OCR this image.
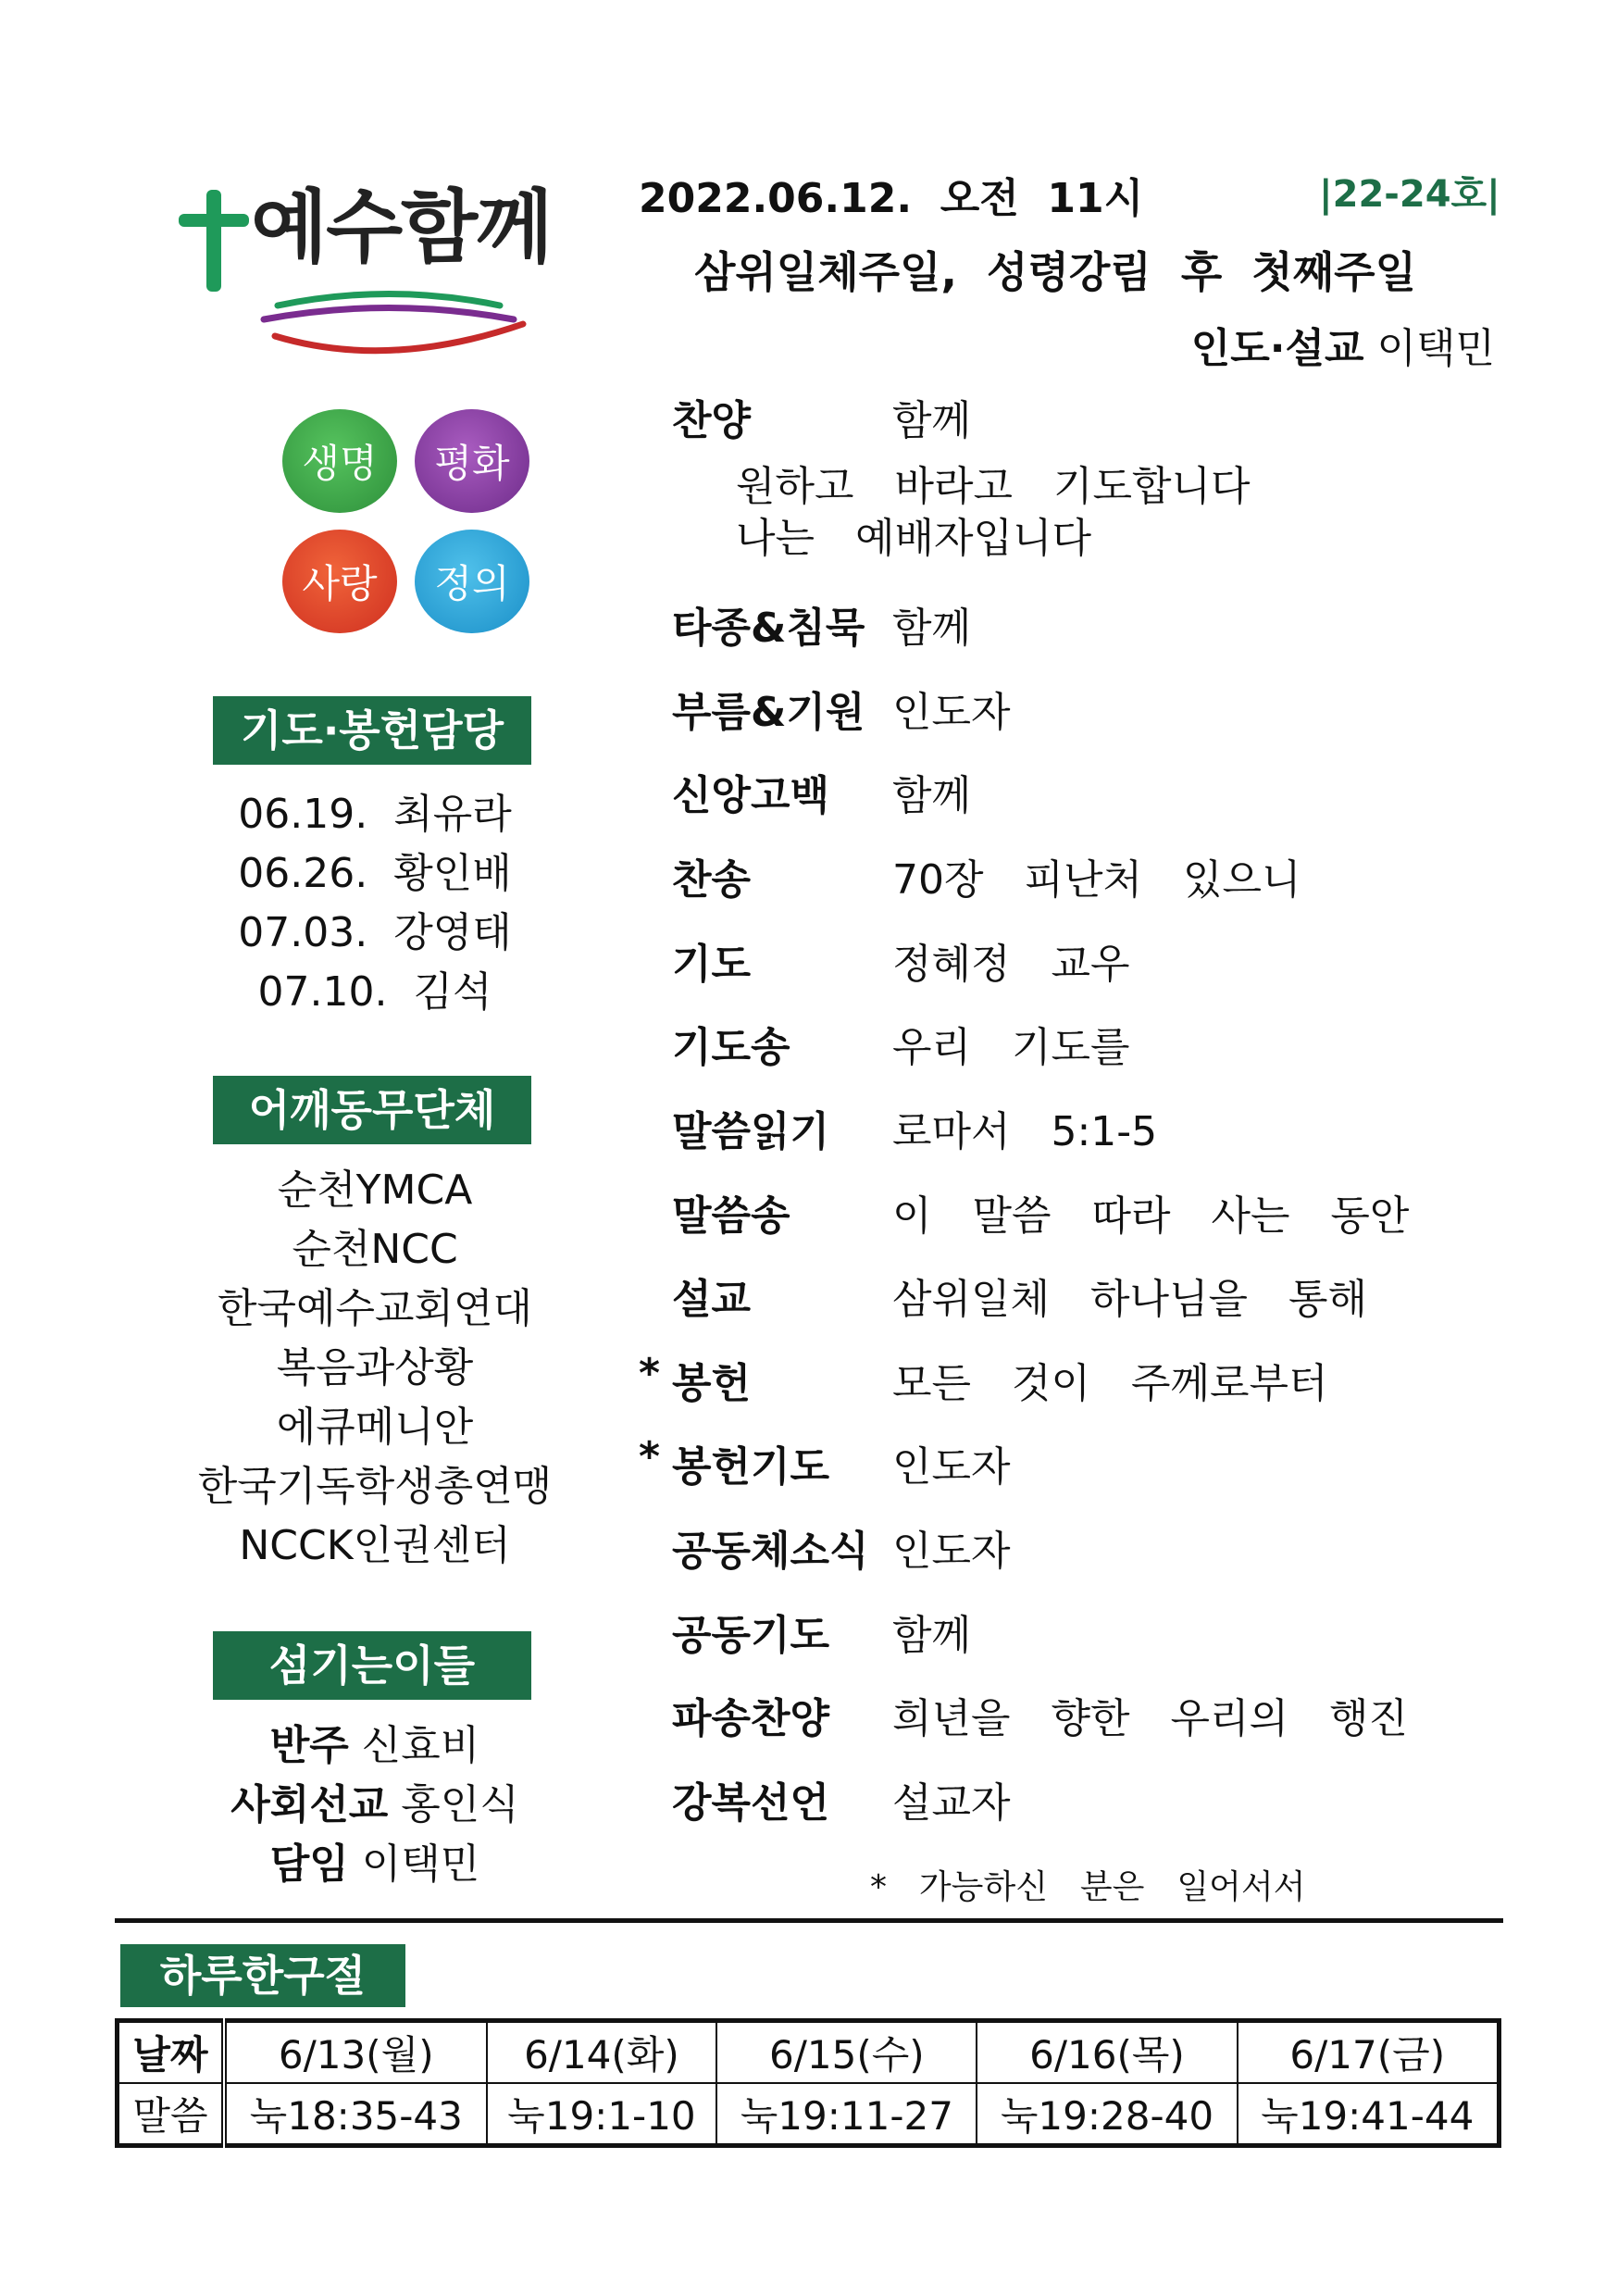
예수함께
생명	평화
사랑	정의
기도·봉헌담당
06.19.  최유라
06.26.  황인배
07.03.  강영태
07.10.  김석
어깨동무단체
순천YMCA
순천NCC
한국예수교회연대
복음과상황
에큐메니안
한국기독학생총연맹
NCCK인권센터
섬기는이들
반주 신효비
사회선교 홍인식
담임 이택민
2022.06.12.  오전  11시	|22-24호|
삼위일체주일,  성령강림  후  첫째주일
인도·설교 이택민
찬양	함께
타종&침묵 함께
부름&기원 인도자
신앙고백 함께
찬송	70장  피난처  있으니
기도	정혜정  교우
기도송	우리  기도를
말씀읽기 로마서  5:1-5
말씀송	이  말씀  따라  사는  동안
설교	삼위일체  하나님을  통해
* 봉헌	모든  것이  주께로부터
* 봉헌기도 인도자
공동체소식 인도자
공동기도 함께
파송찬양 희년을  향한  우리의  행진
강복선언 설교자
원하고  바라고  기도합니다
나는  예배자입니다
*  가능하신  분은  일어서서
하루한구절
날짜	6/13(월)	6/14(화)	6/15(수)	6/16(목)	6/17(금)
말씀	눅18:35-43	눅19:1-10	눅19:11-27	눅19:28-40	눅19:41-44
